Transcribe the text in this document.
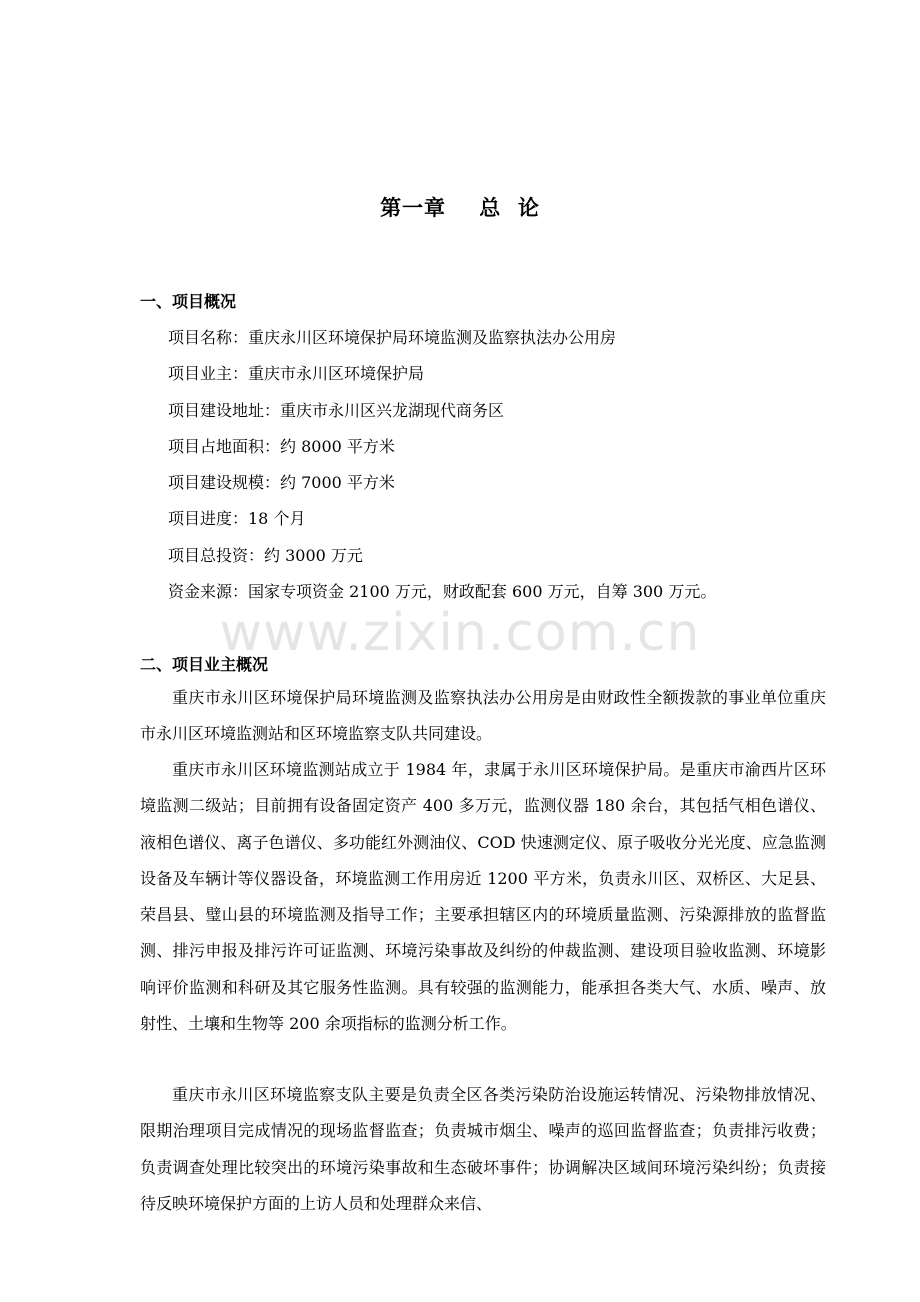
www.zixin.com.cn
第一章    总  论
一、项目概况
项目名称：重庆永川区环境保护局环境监测及监察执法办公用房
项目业主：重庆市永川区环境保护局
项目建设地址：重庆市永川区兴龙湖现代商务区
项目占地面积：约 8000 平方米
项目建设规模：约 7000 平方米
项目进度：18 个月
项目总投资：约 3000 万元
资金来源：国家专项资金 2100 万元，财政配套 600 万元，自筹 300 万元。
二、项目业主概况

重庆市永川区环境保护局环境监测及监察执法办公用房是由财政性全额拨款的事业单位重庆市永川区环境监测站和区环境监察支队共同建设。

重庆市永川区环境监测站成立于 1984 年，隶属于永川区环境保护局。是重庆市渝西片区环境监测二级站；目前拥有设备固定资产 400 多万元，监测仪器 180 余台，其包括气相色谱仪、液相色谱仪、离子色谱仪、多功能红外测油仪、COD 快速测定仪、原子吸收分光光度、应急监测设备及车辆计等仪器设备，环境监测工作用房近 1200 平方米，负责永川区、双桥区、大足县、荣昌县、璧山县的环境监测及指导工作；主要承担辖区内的环境质量监测、污染源排放的监督监测、排污申报及排污许可证监测、环境污染事故及纠纷的仲裁监测、建设项目验收监测、环境影响评价监测和科研及其它服务性监测。具有较强的监测能力，能承担各类大气、水质、噪声、放射性、土壤和生物等 200 余项指标的监测分析工作。

重庆市永川区环境监察支队主要是负责全区各类污染防治设施运转情况、污染物排放情况、限期治理项目完成情况的现场监督监查；负责城市烟尘、噪声的巡回监督监查；负责排污收费；负责调查处理比较突出的环境污染事故和生态破坏事件；协调解决区域间环境污染纠纷；负责接待反映环境保护方面的上访人员和处理群众来信、
